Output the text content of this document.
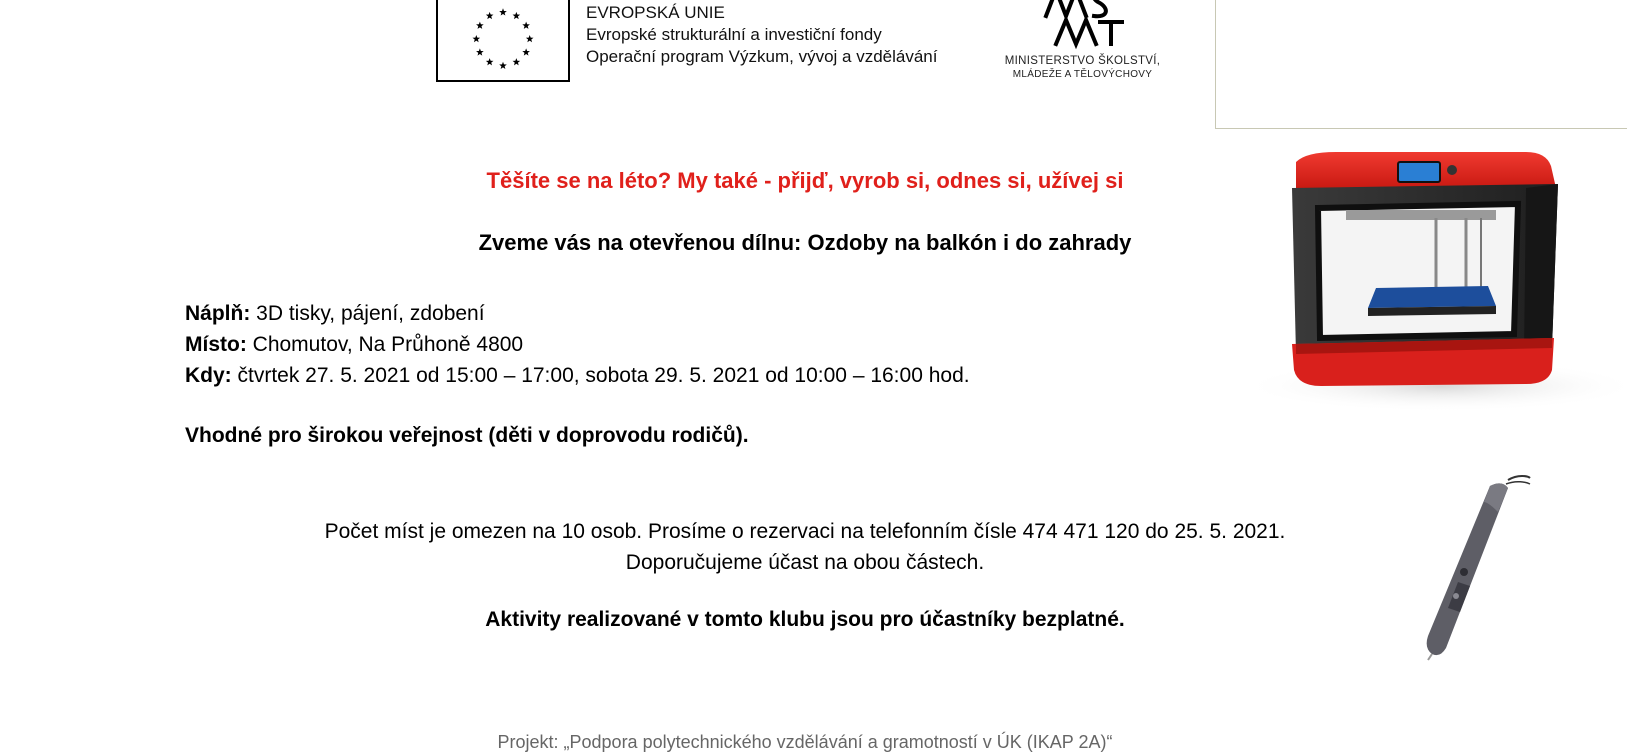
EVROPSKÁ UNIE
Evropské strukturální a investiční fondy
Operační program Výzkum, vývoj a vzdělávání	MINISTERSTVO ŠKOLSTVÍ,
MLÁDEŽE A TĚLOVÝCHOVY
Těšíte se na léto? My také - přijď, vyrob si, odnes si, užívej si
Zveme vás na otevřenou dílnu: Ozdoby na balkón i do zahrady
Náplň: 3D tisky, pájení, zdobení
Místo: Chomutov, Na Průhoně 4800
Kdy: čtvrtek 27. 5. 2021 od 15:00 – 17:00, sobota 29. 5. 2021 od 10:00 – 16:00 hod.
Vhodné pro širokou veřejnost (děti v doprovodu rodičů).
Počet míst je omezen na 10 osob. Prosíme o rezervaci na telefonním čísle 474 471 120 do 25. 5. 2021.
Doporučujeme účast na obou částech.
Aktivity realizované v tomto klubu jsou pro účastníky bezplatné.
Projekt: „Podpora polytechnického vzdělávání a gramotností v ÚK (IKAP 2A)“
